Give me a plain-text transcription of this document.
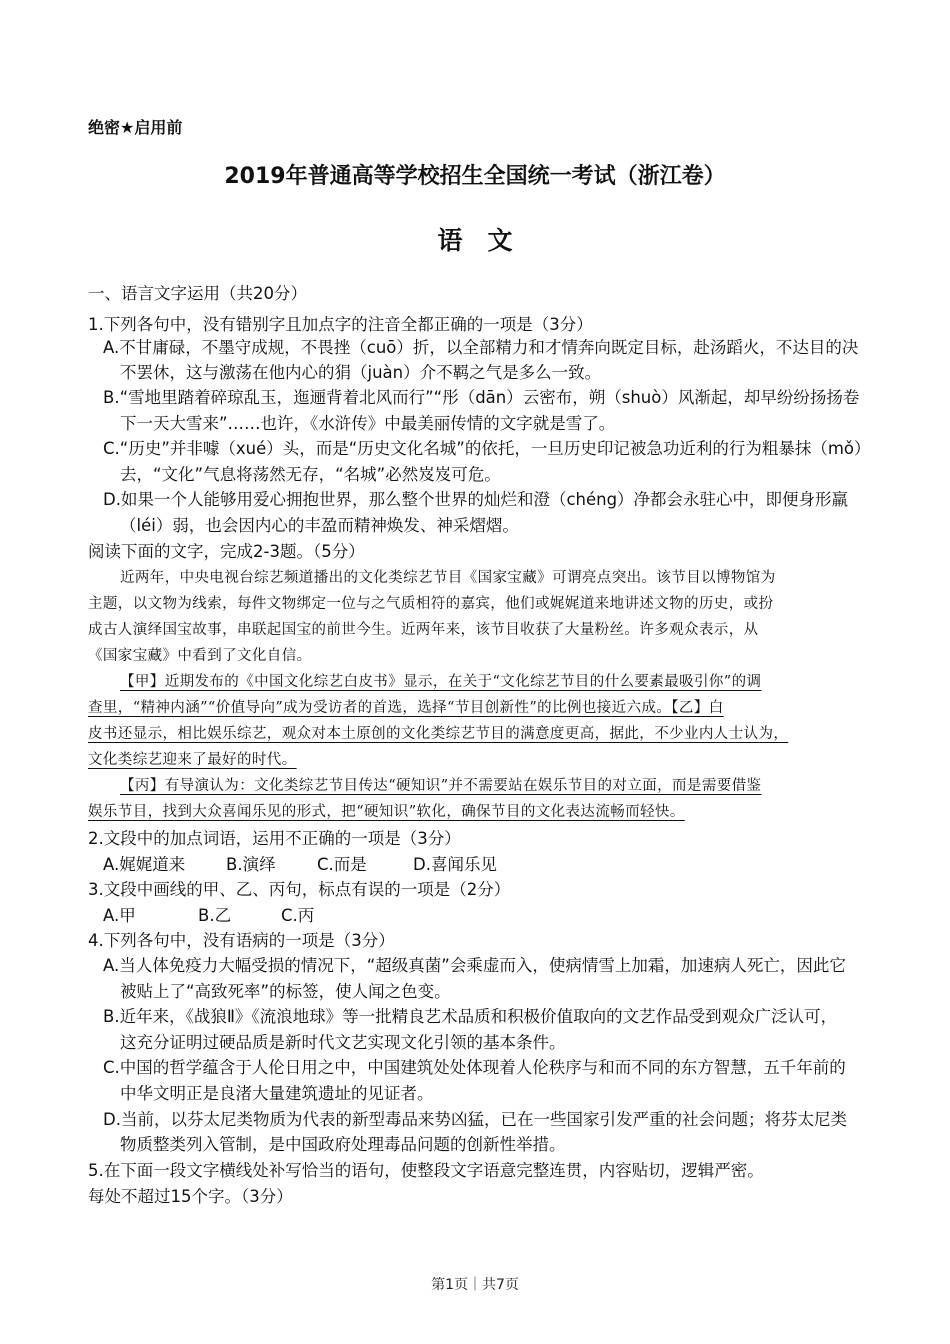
绝密★启用前
2019年普通高等学校招生全国统一考试（浙江卷）
语　文
一、语言文字运用（共20分）
1.下列各句中，没有错别字且加点字的注音全都正确的一项是（3分）
A.不甘庸碌，不墨守成规，不畏挫（cuō）折，以全部精力和才情奔向既定目标，赴汤蹈火，不达目的决
不罢休，这与激荡在他内心的狷（juàn）介不羁之气是多么一致。
B.“雪地里踏着碎琼乱玉，迤逦背着北风而行”“彤（dān）云密布，朔（shuò）风渐起，却早纷纷扬扬卷
下一天大雪来”……也许，《水浒传》中最美丽传情的文字就是雪了。
C.“历史”并非噱（xué）头，而是“历史文化名城”的依托，一旦历史印记被急功近利的行为粗暴抹（mǒ）
去，“文化”气息将荡然无存，“名城”必然岌岌可危。
D.如果一个人能够用爱心拥抱世界，那么整个世界的灿烂和澄（chéng）净都会永驻心中，即便身形羸
（léi）弱，也会因内心的丰盈而精神焕发、神采熠熠。
阅读下面的文字，完成2-3题。（5分）
近两年，中央电视台综艺频道播出的文化类综艺节目《国家宝藏》可谓亮点突出。该节目以博物馆为
主题，以文物为线索，每件文物绑定一位与之气质相符的嘉宾，他们或娓娓道来地讲述文物的历史，或扮
成古人演绎国宝故事，串联起国宝的前世今生。近两年来，该节目收获了大量粉丝。许多观众表示，从
《国家宝藏》中看到了文化自信。
【甲】近期发布的《中国文化综艺白皮书》显示，在关于“文化综艺节目的什么要素最吸引你”的调
查里，“精神内涵”“价值导向”成为受访者的首选，选择“节目创新性”的比例也接近六成。【乙】白
皮书还显示，相比娱乐综艺，观众对本土原创的文化类综艺节目的满意度更高，据此，不少业内人士认为，
文化类综艺迎来了最好的时代。
【丙】有导演认为：文化类综艺节目传达“硬知识”并不需要站在娱乐节目的对立面，而是需要借鉴
娱乐节目，找到大众喜闻乐见的形式，把“硬知识”软化，确保节目的文化表达流畅而轻快。
2.文段中的加点词语，运用不正确的一项是（3分）
A.娓娓道来 B.演绎	C.而是	D.喜闻乐见
3.文段中画线的甲、乙、丙句，标点有误的一项是（2分）
A.甲	B.乙	C.丙
4.下列各句中，没有语病的一项是（3分）
A.当人体免疫力大幅受损的情况下，“超级真菌”会乘虚而入，使病情雪上加霜，加速病人死亡，因此它
被贴上了“高致死率”的标签，使人闻之色变。
B.近年来，《战狼Ⅱ》《流浪地球》等一批精良艺术品质和积极价值取向的文艺作品受到观众广泛认可，
这充分证明过硬品质是新时代文艺实现文化引领的基本条件。
C.中国的哲学蕴含于人伦日用之中，中国建筑处处体现着人伦秩序与和而不同的东方智慧，五千年前的
中华文明正是良渚大量建筑遗址的见证者。
D.当前，以芬太尼类物质为代表的新型毒品来势凶猛，已在一些国家引发严重的社会问题；将芬太尼类
物质整类列入管制，是中国政府处理毒品问题的创新性举措。
5.在下面一段文字横线处补写恰当的语句，使整段文字语意完整连贯，内容贴切，逻辑严密。
每处不超过15个字。（3分）
第1页｜共7页
